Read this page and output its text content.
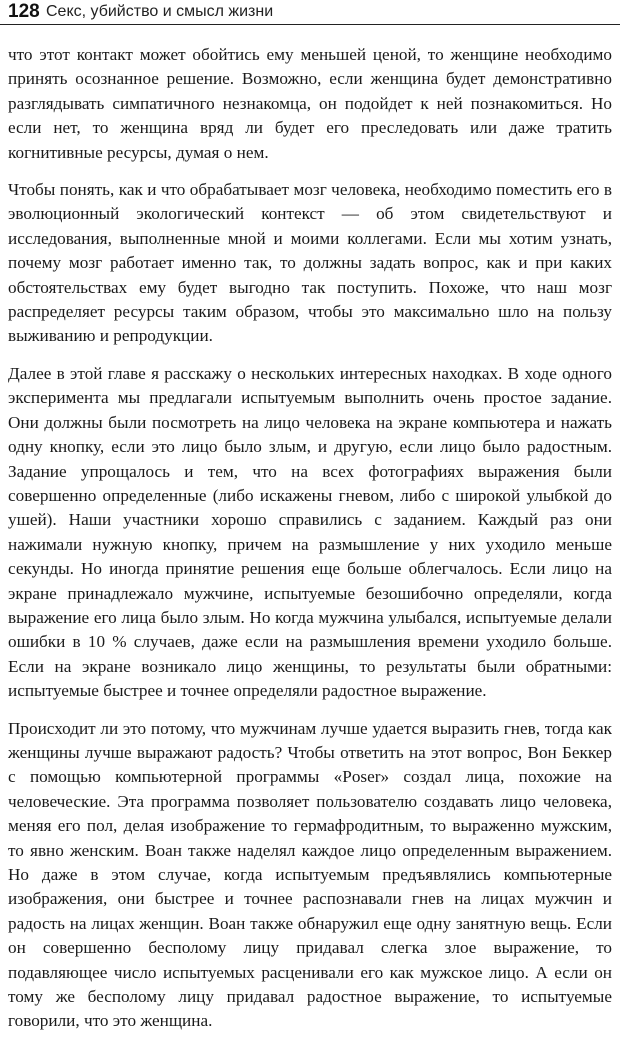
128 Секс, убийство и смысл жизни

что этот контакт может обойтись ему меньшей ценой, то женщине необходимо принять осознанное решение. Возможно, если женщина будет демонстративно разглядывать симпатичного незнакомца, он подойдет к ней познакомиться. Но если нет, то женщина вряд ли будет его преследовать или даже тратить когнитивные ресурсы, думая о нем.

Чтобы понять, как и что обрабатывает мозг человека, необходимо поместить его в эволюционный экологический контекст — об этом свидетельствуют и исследования, выполненные мной и моими коллегами. Если мы хотим узнать, почему мозг работает именно так, то должны задать вопрос, как и при каких обстоятельствах ему будет выгодно так поступить. Похоже, что наш мозг распределяет ресурсы таким образом, чтобы это максимально шло на пользу выживанию и репродукции.

Далее в этой главе я расскажу о нескольких интересных находках. В ходе одного эксперимента мы предлагали испытуемым выполнить очень простое задание. Они должны были посмотреть на лицо человека на экране компьютера и нажать одну кнопку, если это лицо было злым, и другую, если лицо было радостным. Задание упрощалось и тем, что на всех фотографиях выражения были совершенно определенные (либо искажены гневом, либо с широкой улыбкой до ушей). Наши участники хорошо справились с заданием. Каждый раз они нажимали нужную кнопку, причем на размышление у них уходило меньше секунды. Но иногда принятие решения еще больше облегчалось. Если лицо на экране принадлежало мужчине, испытуемые безошибочно определяли, когда выражение его лица было злым. Но когда мужчина улыбался, испытуемые делали ошибки в 10 % случаев, даже если на размышления времени уходило больше. Если на экране возникало лицо женщины, то результаты были обратными: испытуемые быстрее и точнее определяли радостное выражение.

Происходит ли это потому, что мужчинам лучше удается выразить гнев, тогда как женщины лучше выражают радость? Чтобы ответить на этот вопрос, Вон Беккер с помощью компьютерной программы «Poser» создал лица, похожие на человеческие. Эта программа позволяет пользователю создавать лицо человека, меняя его пол, делая изображение то гермафродитным, то выраженно мужским, то явно женским. Воан также наделял каждое лицо определенным выражением. Но даже в этом случае, когда испытуемым предъявлялись компьютерные изображения, они быстрее и точнее распознавали гнев на лицах мужчин и радость на лицах женщин. Воан также обнаружил еще одну занятную вещь. Если он совершенно бесполому лицу придавал слегка злое выражение, то подавляющее число испытуемых расценивали его как мужское лицо. А если он тому же бесполому лицу придавал радостное выражение, то испытуемые говорили, что это женщина.
